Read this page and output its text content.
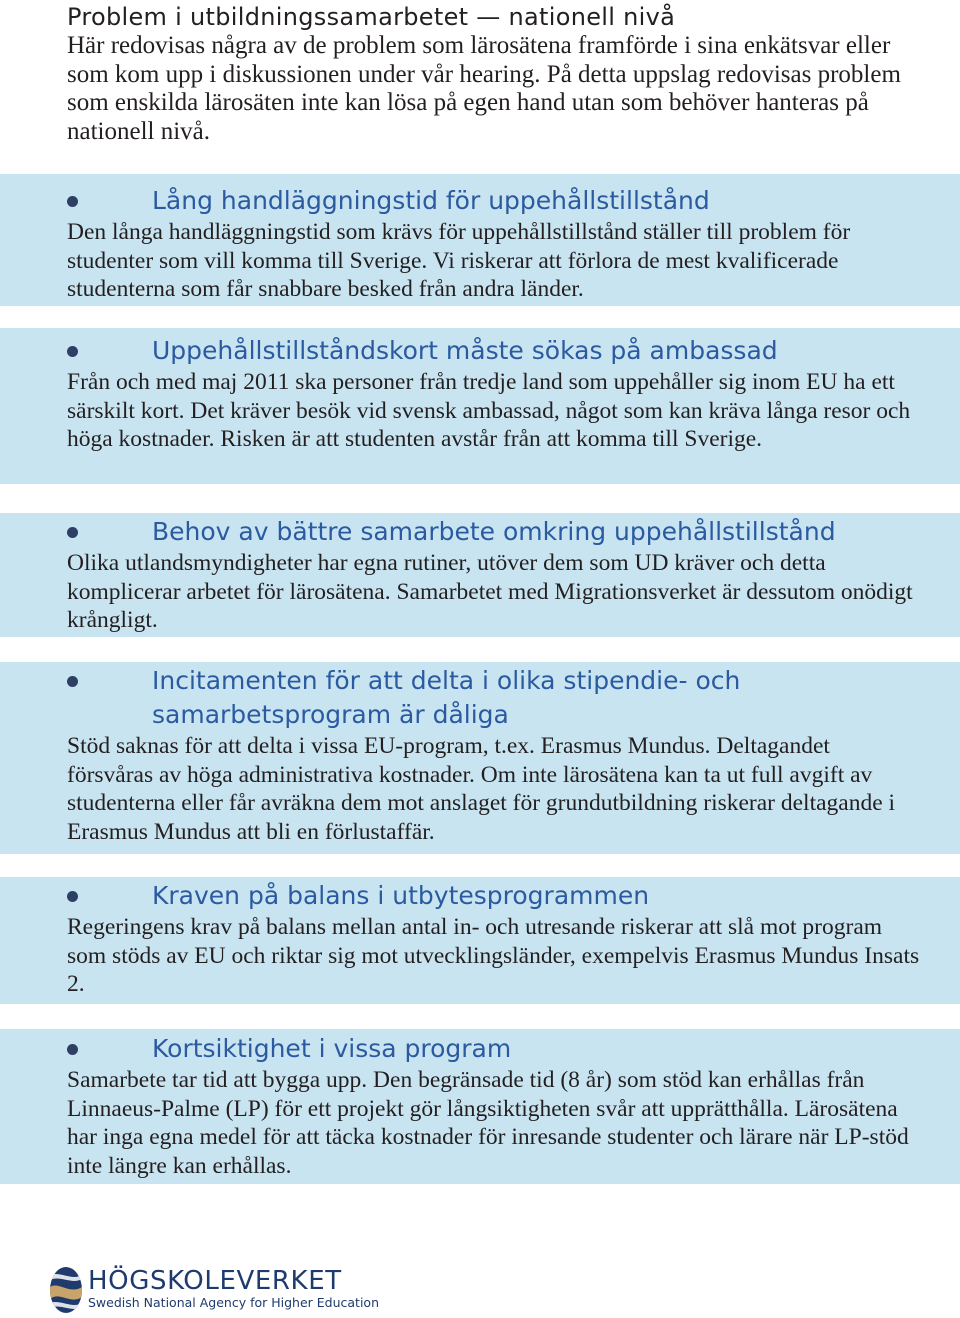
Problem i utbildningssamarbetet — nationell nivå

Här redovisas några av de problem som lärosätena framförde i sina enkätsvar eller som kom upp i diskussionen under vår hearing. På detta uppslag redovisas problem som enskilda lärosäten inte kan lösa på egen hand utan som behöver hanteras på nationell nivå.

Lång handläggningstid för uppehållstillstånd

Den långa handläggningstid som krävs för uppehållstillstånd ställer till problem för studenter som vill komma till Sverige. Vi riskerar att förlora de mest kvalificerade studenterna som får snabbare besked från andra länder.

Uppehållstillståndskort måste sökas på ambassad

Från och med maj 2011 ska personer från tredje land som uppehåller sig inom EU ha ett särskilt kort. Det kräver besök vid svensk ambassad, något som kan kräva långa resor och höga kostnader. Risken är att studenten avstår från att komma till Sverige.

Behov av bättre samarbete omkring uppehållstillstånd

Olika utlandsmyndigheter har egna rutiner, utöver dem som UD kräver och detta komplicerar arbetet för lärosätena. Samarbetet med Migrationsverket är dessutom onödigt krångligt.

Incitamenten för att delta i olika stipendie- och samarbetsprogram är dåliga

Stöd saknas för att delta i vissa EU-program, t.ex. Erasmus Mundus. Deltagandet försvåras av höga administrativa kostnader. Om inte lärosätena kan ta ut full avgift av studenterna eller får avräkna dem mot anslaget för grundutbildning riskerar deltagande i Erasmus Mundus att bli en förlustaffär.

Kraven på balans i utbytesprogrammen

Regeringens krav på balans mellan antal in- och utresande riskerar att slå mot program som stöds av EU och riktar sig mot utvecklingsländer, exempelvis Erasmus Mundus Insats 2.

Kortsiktighet i vissa program

Samarbete tar tid att bygga upp. Den begränsade tid (8 år) som stöd kan erhållas från Linnaeus-Palme (LP) för ett projekt gör långsiktigheten svår att upprätthålla. Lärosätena har inga egna medel för att täcka kostnader för inresande studenter och lärare när LP-stöd inte längre kan erhållas.

HÖGSKOLEVERKET
Swedish National Agency for Higher Education
